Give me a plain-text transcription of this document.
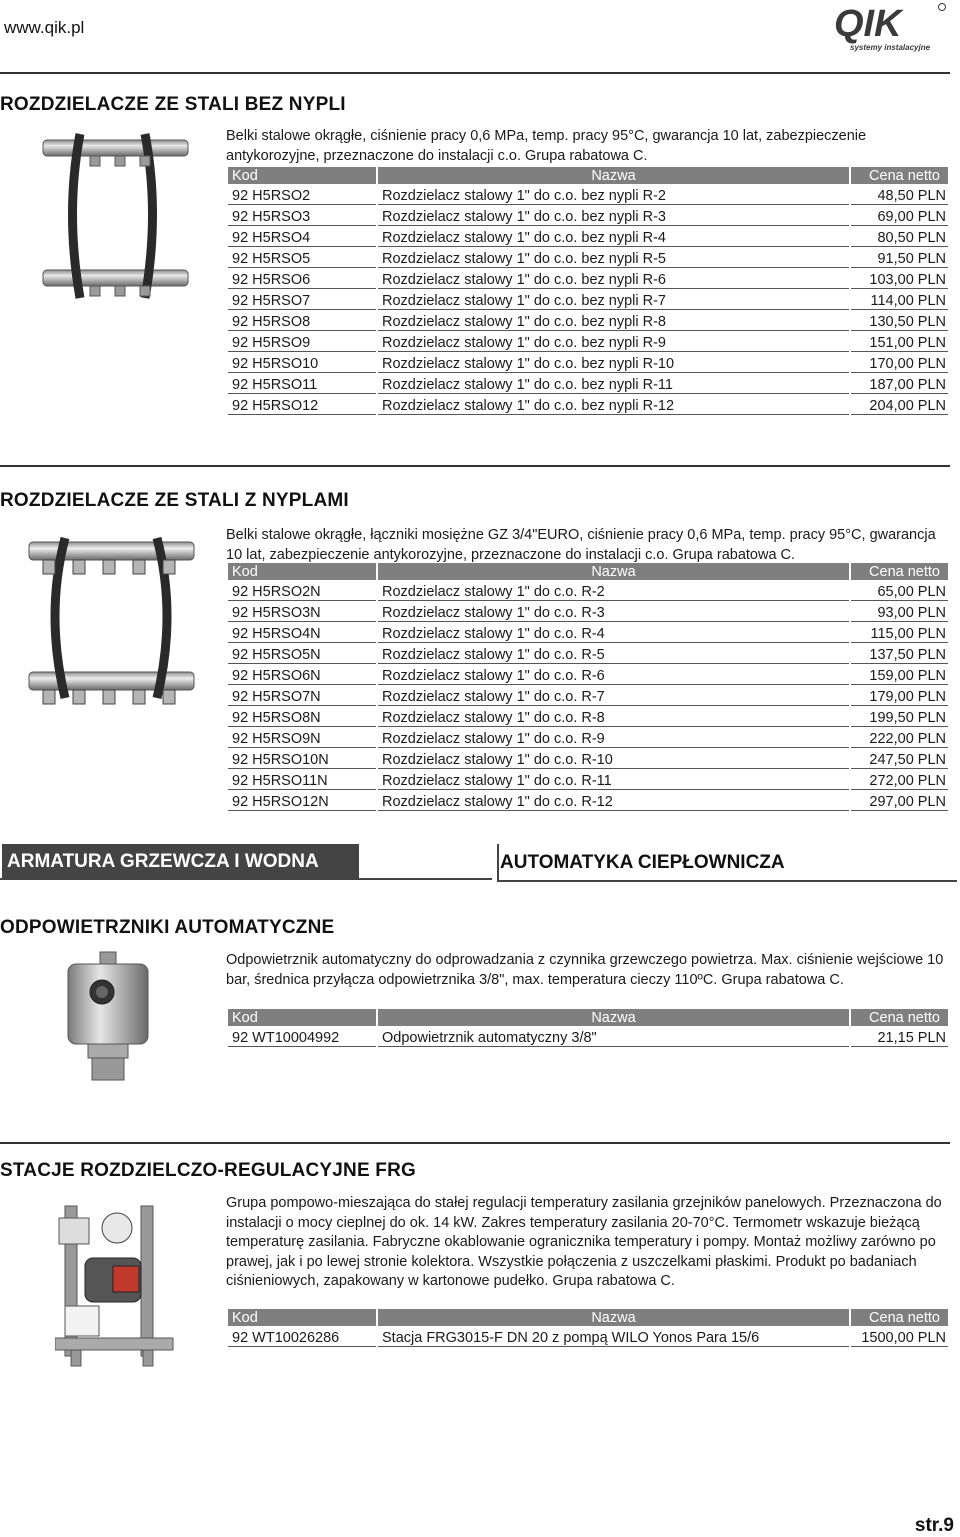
www.qik.pl	QIK
systemy instalacyjne
ROZDZIELACZE ZE STALI BEZ NYPLI
Belki stalowe okrągłe, ciśnienie pracy 0,6 MPa, temp. pracy 95°C, gwarancja 10 lat, zabezpieczenie antykorozyjne, przeznaczone do instalacji c.o. Grupa rabatowa C.
Kod	Nazwa	Cena netto
92 H5RSO2	Rozdzielacz stalowy 1" do c.o. bez nypli R-2	48,50 PLN
92 H5RSO3	Rozdzielacz stalowy 1" do c.o. bez nypli R-3	69,00 PLN
92 H5RSO4	Rozdzielacz stalowy 1" do c.o. bez nypli R-4	80,50 PLN
92 H5RSO5	Rozdzielacz stalowy 1" do c.o. bez nypli R-5	91,50 PLN
92 H5RSO6	Rozdzielacz stalowy 1" do c.o. bez nypli R-6	103,00 PLN
92 H5RSO7	Rozdzielacz stalowy 1" do c.o. bez nypli R-7	114,00 PLN
92 H5RSO8	Rozdzielacz stalowy 1" do c.o. bez nypli R-8	130,50 PLN
92 H5RSO9	Rozdzielacz stalowy 1" do c.o. bez nypli R-9	151,00 PLN
92 H5RSO10	Rozdzielacz stalowy 1" do c.o. bez nypli R-10	170,00 PLN
92 H5RSO11	Rozdzielacz stalowy 1" do c.o. bez nypli R-11	187,00 PLN
92 H5RSO12	Rozdzielacz stalowy 1" do c.o. bez nypli R-12	204,00 PLN
ROZDZIELACZE ZE STALI Z NYPLAMI
Belki stalowe okrągłe, łączniki mosiężne GZ 3/4"EURO, ciśnienie pracy 0,6 MPa, temp. pracy 95°C, gwarancja 10 lat, zabezpieczenie antykorozyjne, przeznaczone do instalacji c.o. Grupa rabatowa C.
Kod	Nazwa	Cena netto
92 H5RSO2N	Rozdzielacz stalowy 1" do c.o. R-2	65,00 PLN
92 H5RSO3N	Rozdzielacz stalowy 1" do c.o. R-3	93,00 PLN
92 H5RSO4N	Rozdzielacz stalowy 1" do c.o. R-4	115,00 PLN
92 H5RSO5N	Rozdzielacz stalowy 1" do c.o. R-5	137,50 PLN
92 H5RSO6N	Rozdzielacz stalowy 1" do c.o. R-6	159,00 PLN
92 H5RSO7N	Rozdzielacz stalowy 1" do c.o. R-7	179,00 PLN
92 H5RSO8N	Rozdzielacz stalowy 1" do c.o. R-8	199,50 PLN
92 H5RSO9N	Rozdzielacz stalowy 1" do c.o. R-9	222,00 PLN
92 H5RSO10N	Rozdzielacz stalowy 1" do c.o. R-10	247,50 PLN
92 H5RSO11N	Rozdzielacz stalowy 1" do c.o. R-11	272,00 PLN
92 H5RSO12N	Rozdzielacz stalowy 1" do c.o. R-12	297,00 PLN
ARMATURA GRZEWCZA I WODNA	AUTOMATYKA CIEPŁOWNICZA
ODPOWIETRZNIKI AUTOMATYCZNE
Odpowietrznik automatyczny do odprowadzania z czynnika grzewczego powietrza. Max. ciśnienie wejściowe 10 bar, średnica przyłącza odpowietrznika 3/8", max. temperatura cieczy 110ºC. Grupa rabatowa C.
Kod	Nazwa	Cena netto
92 WT10004992	Odpowietrznik automatyczny 3/8"	21,15 PLN
STACJE ROZDZIELCZO-REGULACYJNE FRG
Grupa pompowo-mieszająca do stałej regulacji temperatury zasilania grzejników panelowych. Przeznaczona do instalacji o mocy cieplnej do ok. 14 kW. Zakres temperatury zasilania 20-70°C. Termometr wskazuje bieżącą temperaturę zasilania. Fabryczne okablowanie ogranicznika temperatury i pompy. Montaż możliwy zarówno po prawej, jak i po lewej stronie kolektora. Wszystkie połączenia z uszczelkami płaskimi. Produkt po badaniach ciśnieniowych, zapakowany w kartonowe pudełko. Grupa rabatowa C.
Kod	Nazwa	Cena netto
92 WT10026286	Stacja FRG3015-F DN 20 z pompą WILO Yonos Para 15/6	1500,00 PLN
str.9
